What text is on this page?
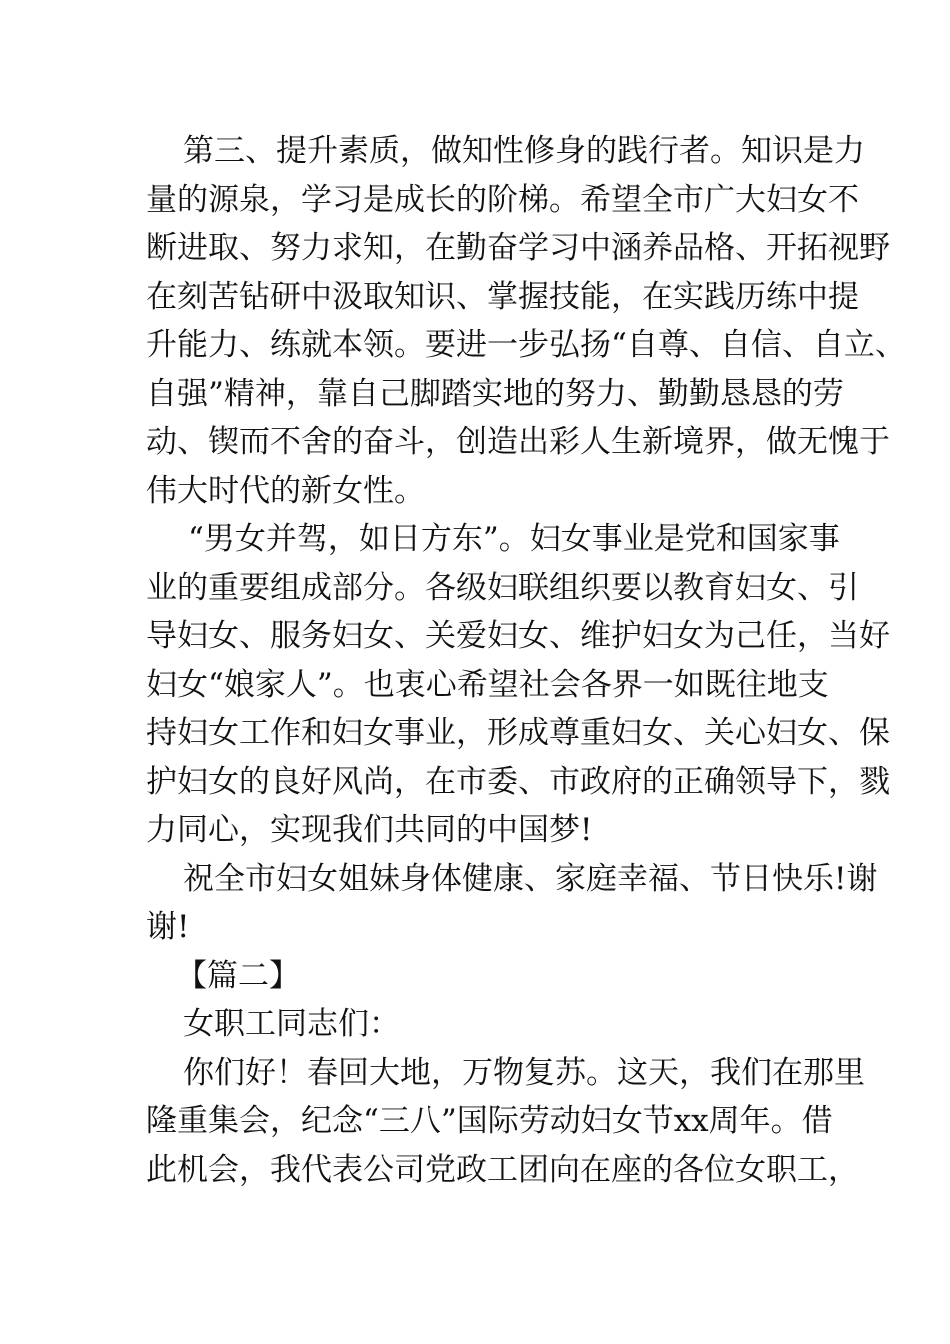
第三、提升素质，做知性修身的践行者。知识是力
量的源泉，学习是成长的阶梯。希望全市广大妇女不
断进取、努力求知，在勤奋学习中涵养品格、开拓视野
在刻苦钻研中汲取知识、掌握技能，在实践历练中提
升能力、练就本领。要进一步弘扬“自尊、自信、自立、
自强”精神，靠自己脚踏实地的努力、勤勤恳恳的劳
动、锲而不舍的奋斗，创造出彩人生新境界，做无愧于
伟大时代的新女性。
“男女并驾，如日方东”。妇女事业是党和国家事
业的重要组成部分。各级妇联组织要以教育妇女、引
导妇女、服务妇女、关爱妇女、维护妇女为己任，当好
妇女“娘家人”。也衷心希望社会各界一如既往地支
持妇女工作和妇女事业，形成尊重妇女、关心妇女、保
护妇女的良好风尚，在市委、市政府的正确领导下，戮
力同心，实现我们共同的中国梦!
祝全市妇女姐妹身体健康、家庭幸福、节日快乐!谢
谢!
【篇二】
女职工同志们：
你们好！春回大地，万物复苏。这天，我们在那里
隆重集会，纪念“三八”国际劳动妇女节xx周年。借
此机会，我代表公司党政工团向在座的各位女职工，
